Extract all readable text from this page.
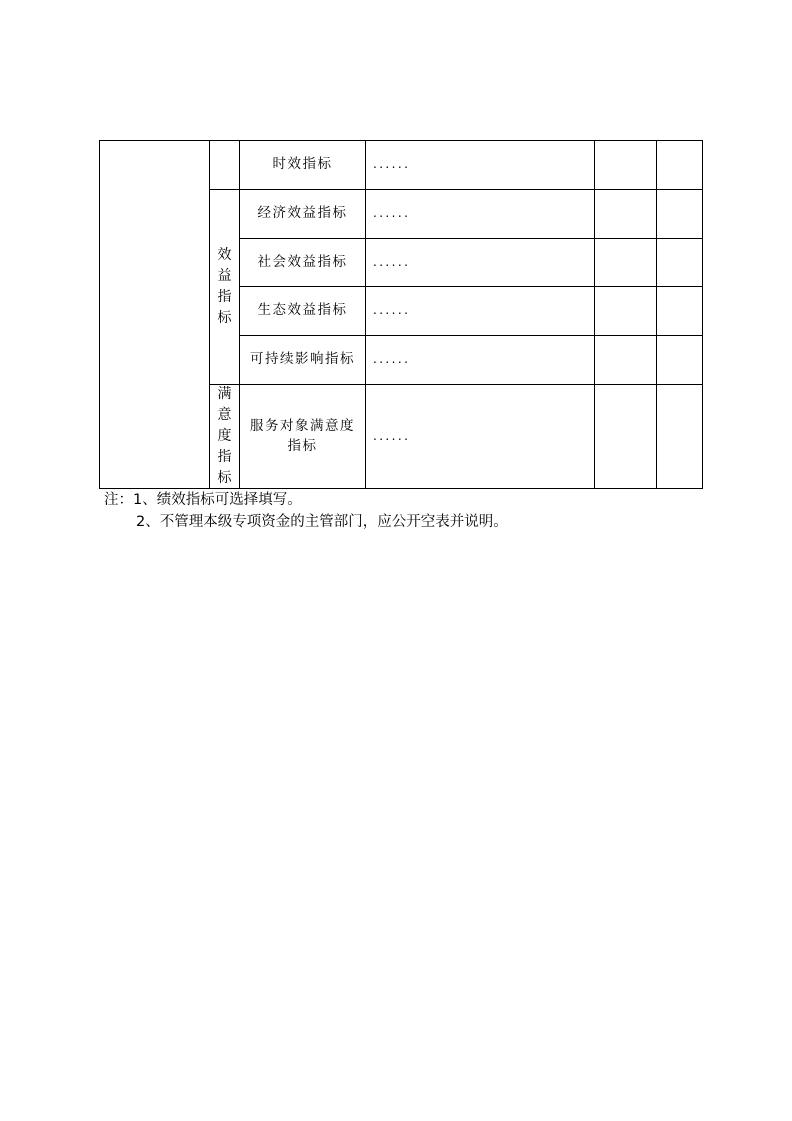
效益指标
满意度指标
时效指标	......
经济效益指标 ......
社会效益指标 ......
生态效益指标 ......
可持续影响指标 ......
服务对象满意度指标
......
注：1、绩效指标可选择填写。
2、不管理本级专项资金的主管部门，应公开空表并说明。
